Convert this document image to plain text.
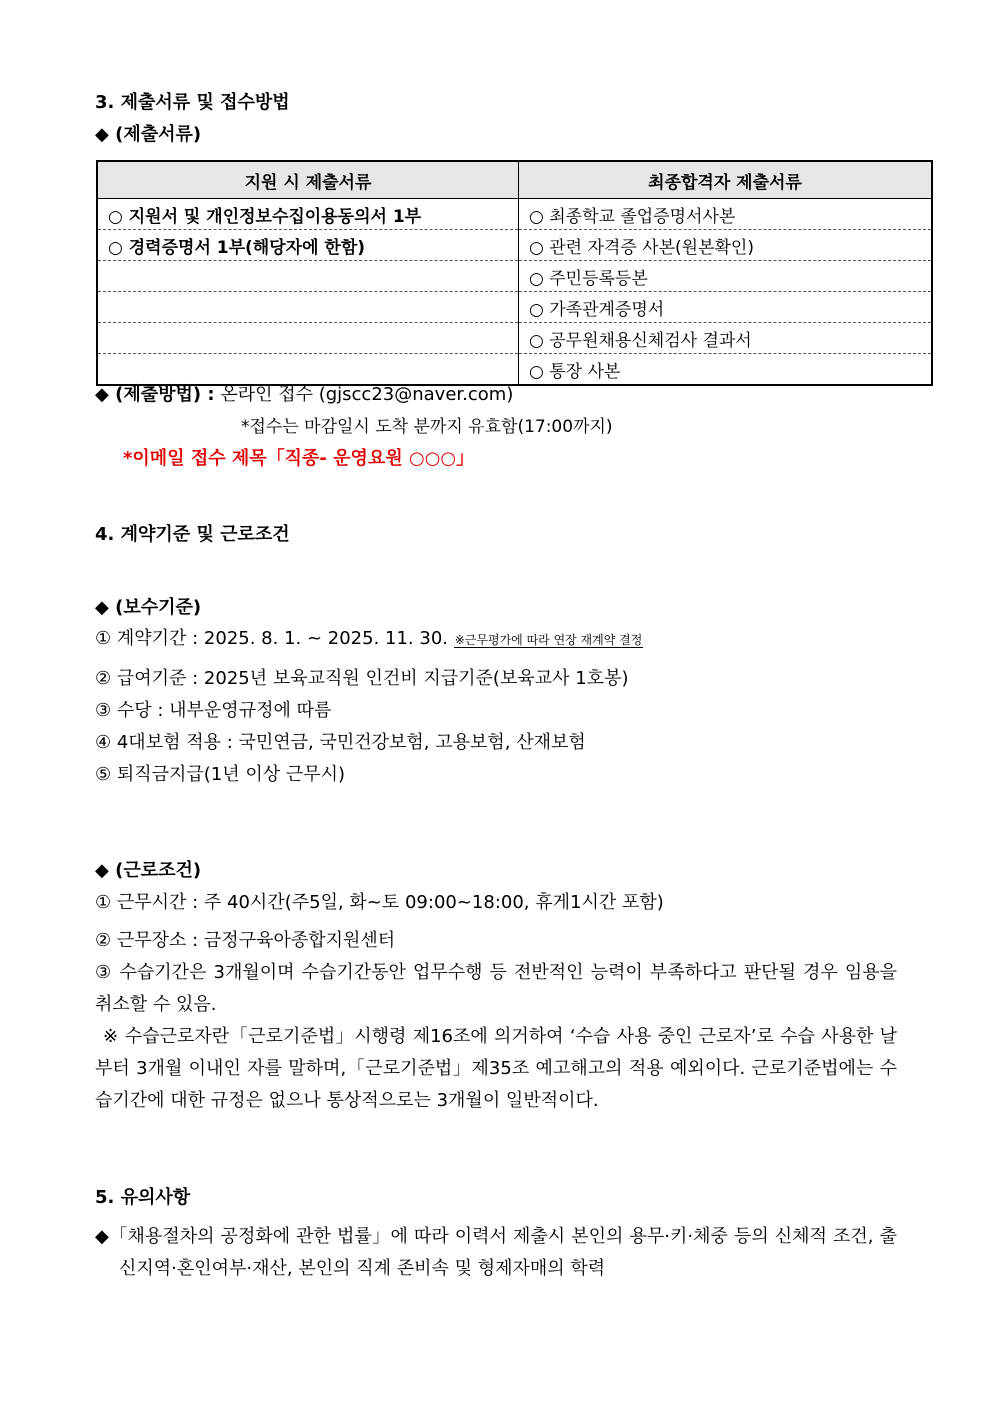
3. 제출서류 및 접수방법
◆ (제출서류)
지원 시 제출서류	최종합격자 제출서류
○ 지원서 및 개인정보수집이용동의서 1부	○ 최종학교 졸업증명서사본
○ 경력증명서 1부(해당자에 한함)	○ 관련 자격증 사본(원본확인)
	○ 주민등록등본
	○ 가족관계증명서
	○ 공무원채용신체검사 결과서
	○ 통장 사본
◆ (제출방법) : 온라인 접수 (gjscc23@naver.com)
*접수는 마감일시 도착 분까지 유효함(17:00까지)
*이메일 접수 제목「직종- 운영요원 ○○○」
4. 계약기준 및 근로조건
◆ (보수기준)
① 계약기간 : 2025. 8. 1. ~ 2025. 11. 30. ※근무평가에 따라 연장 재계약 결정
② 급여기준 : 2025년 보육교직원 인건비 지급기준(보육교사 1호봉)
③ 수당 : 내부운영규정에 따름
④ 4대보험 적용 : 국민연금, 국민건강보험, 고용보험, 산재보험
⑤ 퇴직금지급(1년 이상 근무시)
◆ (근로조건)
① 근무시간 : 주 40시간(주5일, 화~토 09:00~18:00, 휴게1시간 포함)
② 근무장소 : 금정구육아종합지원센터
③ 수습기간은 3개월이며 수습기간동안 업무수행 등 전반적인 능력이 부족하다고 판단될 경우 임용을 취소할 수 있음.
※ 수습근로자란「근로기준법」시행령 제16조에 의거하여 ‘수습 사용 중인 근로자’로 수습 사용한 날부터 3개월 이내인 자를 말하며,「근로기준법」제35조 예고해고의 적용 예외이다. 근로기준법에는 수습기간에 대한 규정은 없으나 통상적으로는 3개월이 일반적이다.
5. 유의사항
◆「채용절차의 공정화에 관한 법률」에 따라 이력서 제출시 본인의 용무·키·체중 등의 신체적 조건, 출신지역·혼인여부·재산, 본인의 직계 존비속 및 형제자매의 학력
